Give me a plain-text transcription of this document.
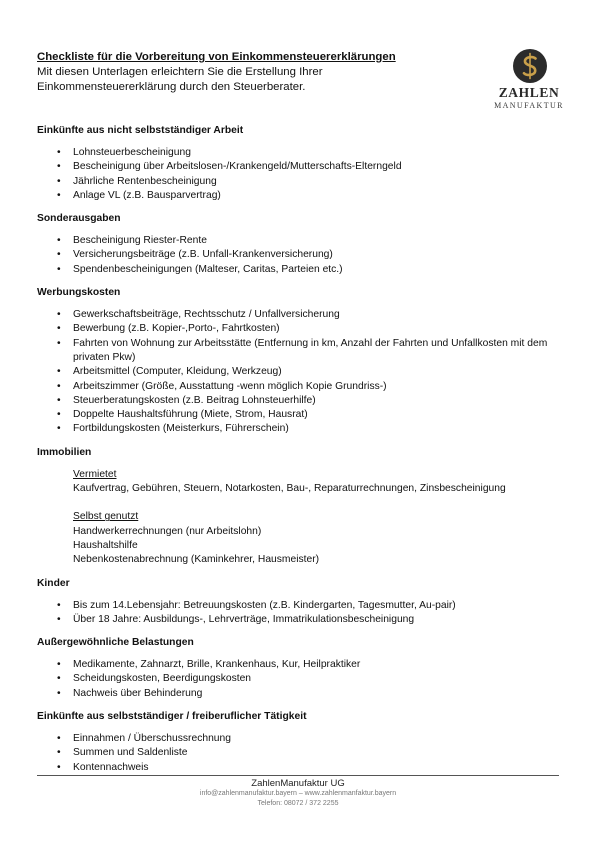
Checkliste für die Vorbereitung von Einkommensteuererklärungen
Mit diesen Unterlagen erleichtern Sie die Erstellung Ihrer Einkommensteuererklärung durch den Steuerberater.	ZAHLEN
MANUFAKTUR
Einkünfte aus nicht selbstständiger Arbeit
• Lohnsteuerbescheinigung
• Bescheinigung über Arbeitslosen-/Krankengeld/Mutterschafts-Elterngeld
• Jährliche Rentenbescheinigung
• Anlage VL (z.B. Bausparvertrag)
Sonderausgaben
• Bescheinigung Riester-Rente
• Versicherungsbeiträge (z.B. Unfall-Krankenversicherung)
• Spendenbescheinigungen (Malteser, Caritas, Parteien etc.)
Werbungskosten
• Gewerkschaftsbeiträge, Rechtsschutz / Unfallversicherung
• Bewerbung (z.B. Kopier-,Porto-, Fahrtkosten)
• Fahrten von Wohnung zur Arbeitsstätte (Entfernung in km, Anzahl der Fahrten und Unfallkosten mit dem privaten Pkw)
• Arbeitsmittel (Computer, Kleidung, Werkzeug)
• Arbeitszimmer (Größe, Ausstattung -wenn möglich Kopie Grundriss-)
• Steuerberatungskosten (z.B. Beitrag Lohnsteuerhilfe)
• Doppelte Haushaltsführung (Miete, Strom, Hausrat)
• Fortbildungskosten (Meisterkurs, Führerschein)
Immobilien
Vermietet
Kaufvertrag, Gebühren, Steuern, Notarkosten, Bau-, Reparaturrechnungen, Zinsbescheinigung
Selbst genutzt
Handwerkerrechnungen (nur Arbeitslohn)
Haushaltshilfe
Nebenkostenabrechnung (Kaminkehrer, Hausmeister)
Kinder
• Bis zum 14.Lebensjahr: Betreuungskosten (z.B. Kindergarten, Tagesmutter, Au-pair)
• Über 18 Jahre: Ausbildungs-, Lehrverträge, Immatrikulationsbescheinigung
Außergewöhnliche Belastungen
• Medikamente, Zahnarzt, Brille, Krankenhaus, Kur, Heilpraktiker
• Scheidungskosten, Beerdigungskosten
• Nachweis über Behinderung
Einkünfte aus selbstständiger / freiberuflicher Tätigkeit
• Einnahmen / Überschussrechnung
• Summen und Saldenliste
• Kontennachweis
ZahlenManufaktur UG
info@zahlenmanufaktur.bayern – www.zahlenmanfaktur.bayern
Telefon: 08072 / 372 2255
